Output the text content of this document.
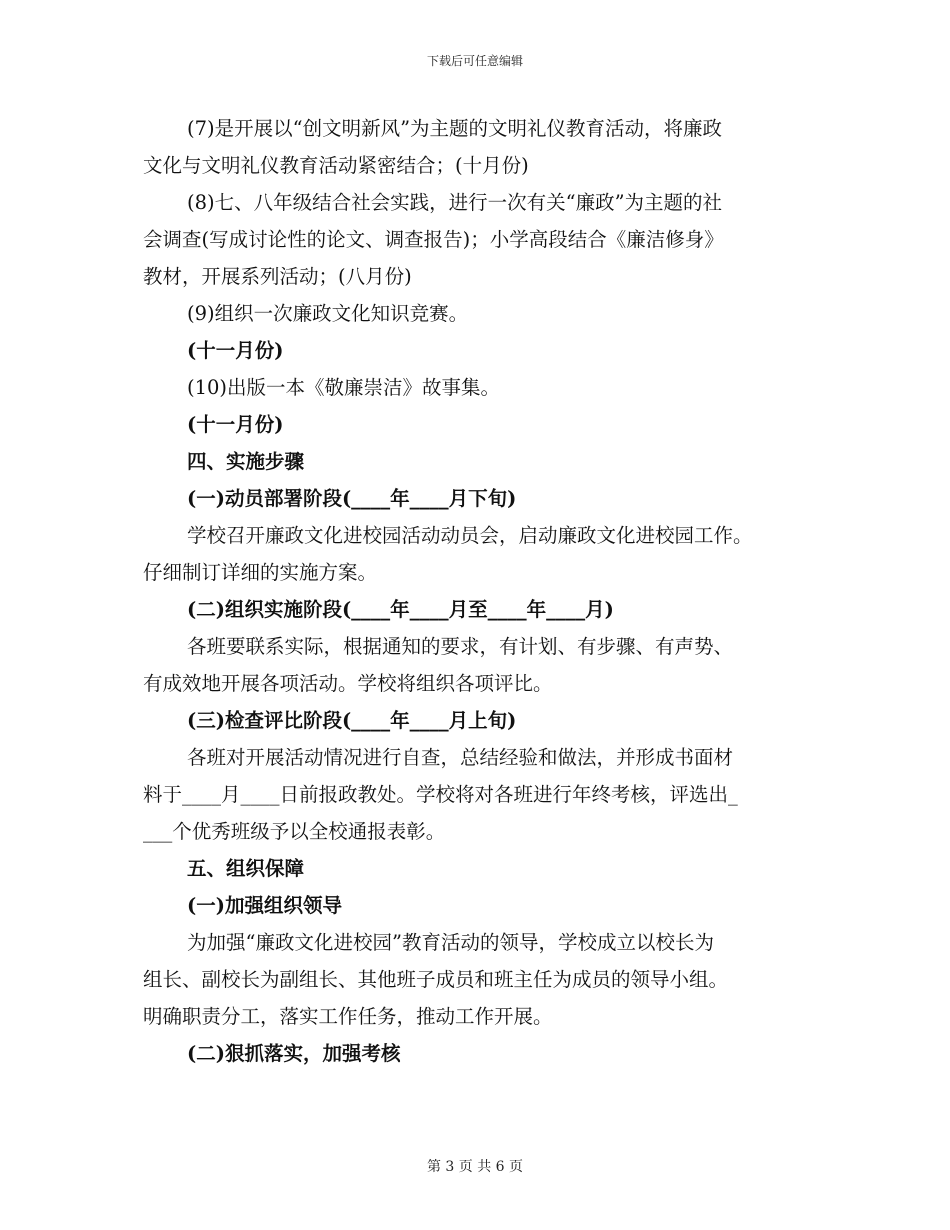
下载后可任意编辑
(7)是开展以“创文明新风”为主题的文明礼仪教育活动，将廉政
文化与文明礼仪教育活动紧密结合；(十月份)
(8)七、八年级结合社会实践，进行一次有关“廉政”为主题的社
会调查(写成讨论性的论文、调查报告)；小学高段结合《廉洁修身》
教材，开展系列活动；(八月份)
(9)组织一次廉政文化知识竞赛。
(十一月份)
(10)出版一本《敬廉崇洁》故事集。
(十一月份)
四、实施步骤
(一)动员部署阶段(____年____月下旬)
学校召开廉政文化进校园活动动员会，启动廉政文化进校园工作。
仔细制订详细的实施方案。
(二)组织实施阶段(____年____月至____年____月)
各班要联系实际，根据通知的要求，有计划、有步骤、有声势、
有成效地开展各项活动。学校将组织各项评比。
(三)检查评比阶段(____年____月上旬)
各班对开展活动情况进行自查，总结经验和做法，并形成书面材
料于____月____日前报政教处。学校将对各班进行年终考核，评选出_
___个优秀班级予以全校通报表彰。
五、组织保障
(一)加强组织领导
为加强“廉政文化进校园”教育活动的领导，学校成立以校长为
组长、副校长为副组长、其他班子成员和班主任为成员的领导小组。
明确职责分工，落实工作任务，推动工作开展。
(二)狠抓落实，加强考核
第 3 页 共 6 页
